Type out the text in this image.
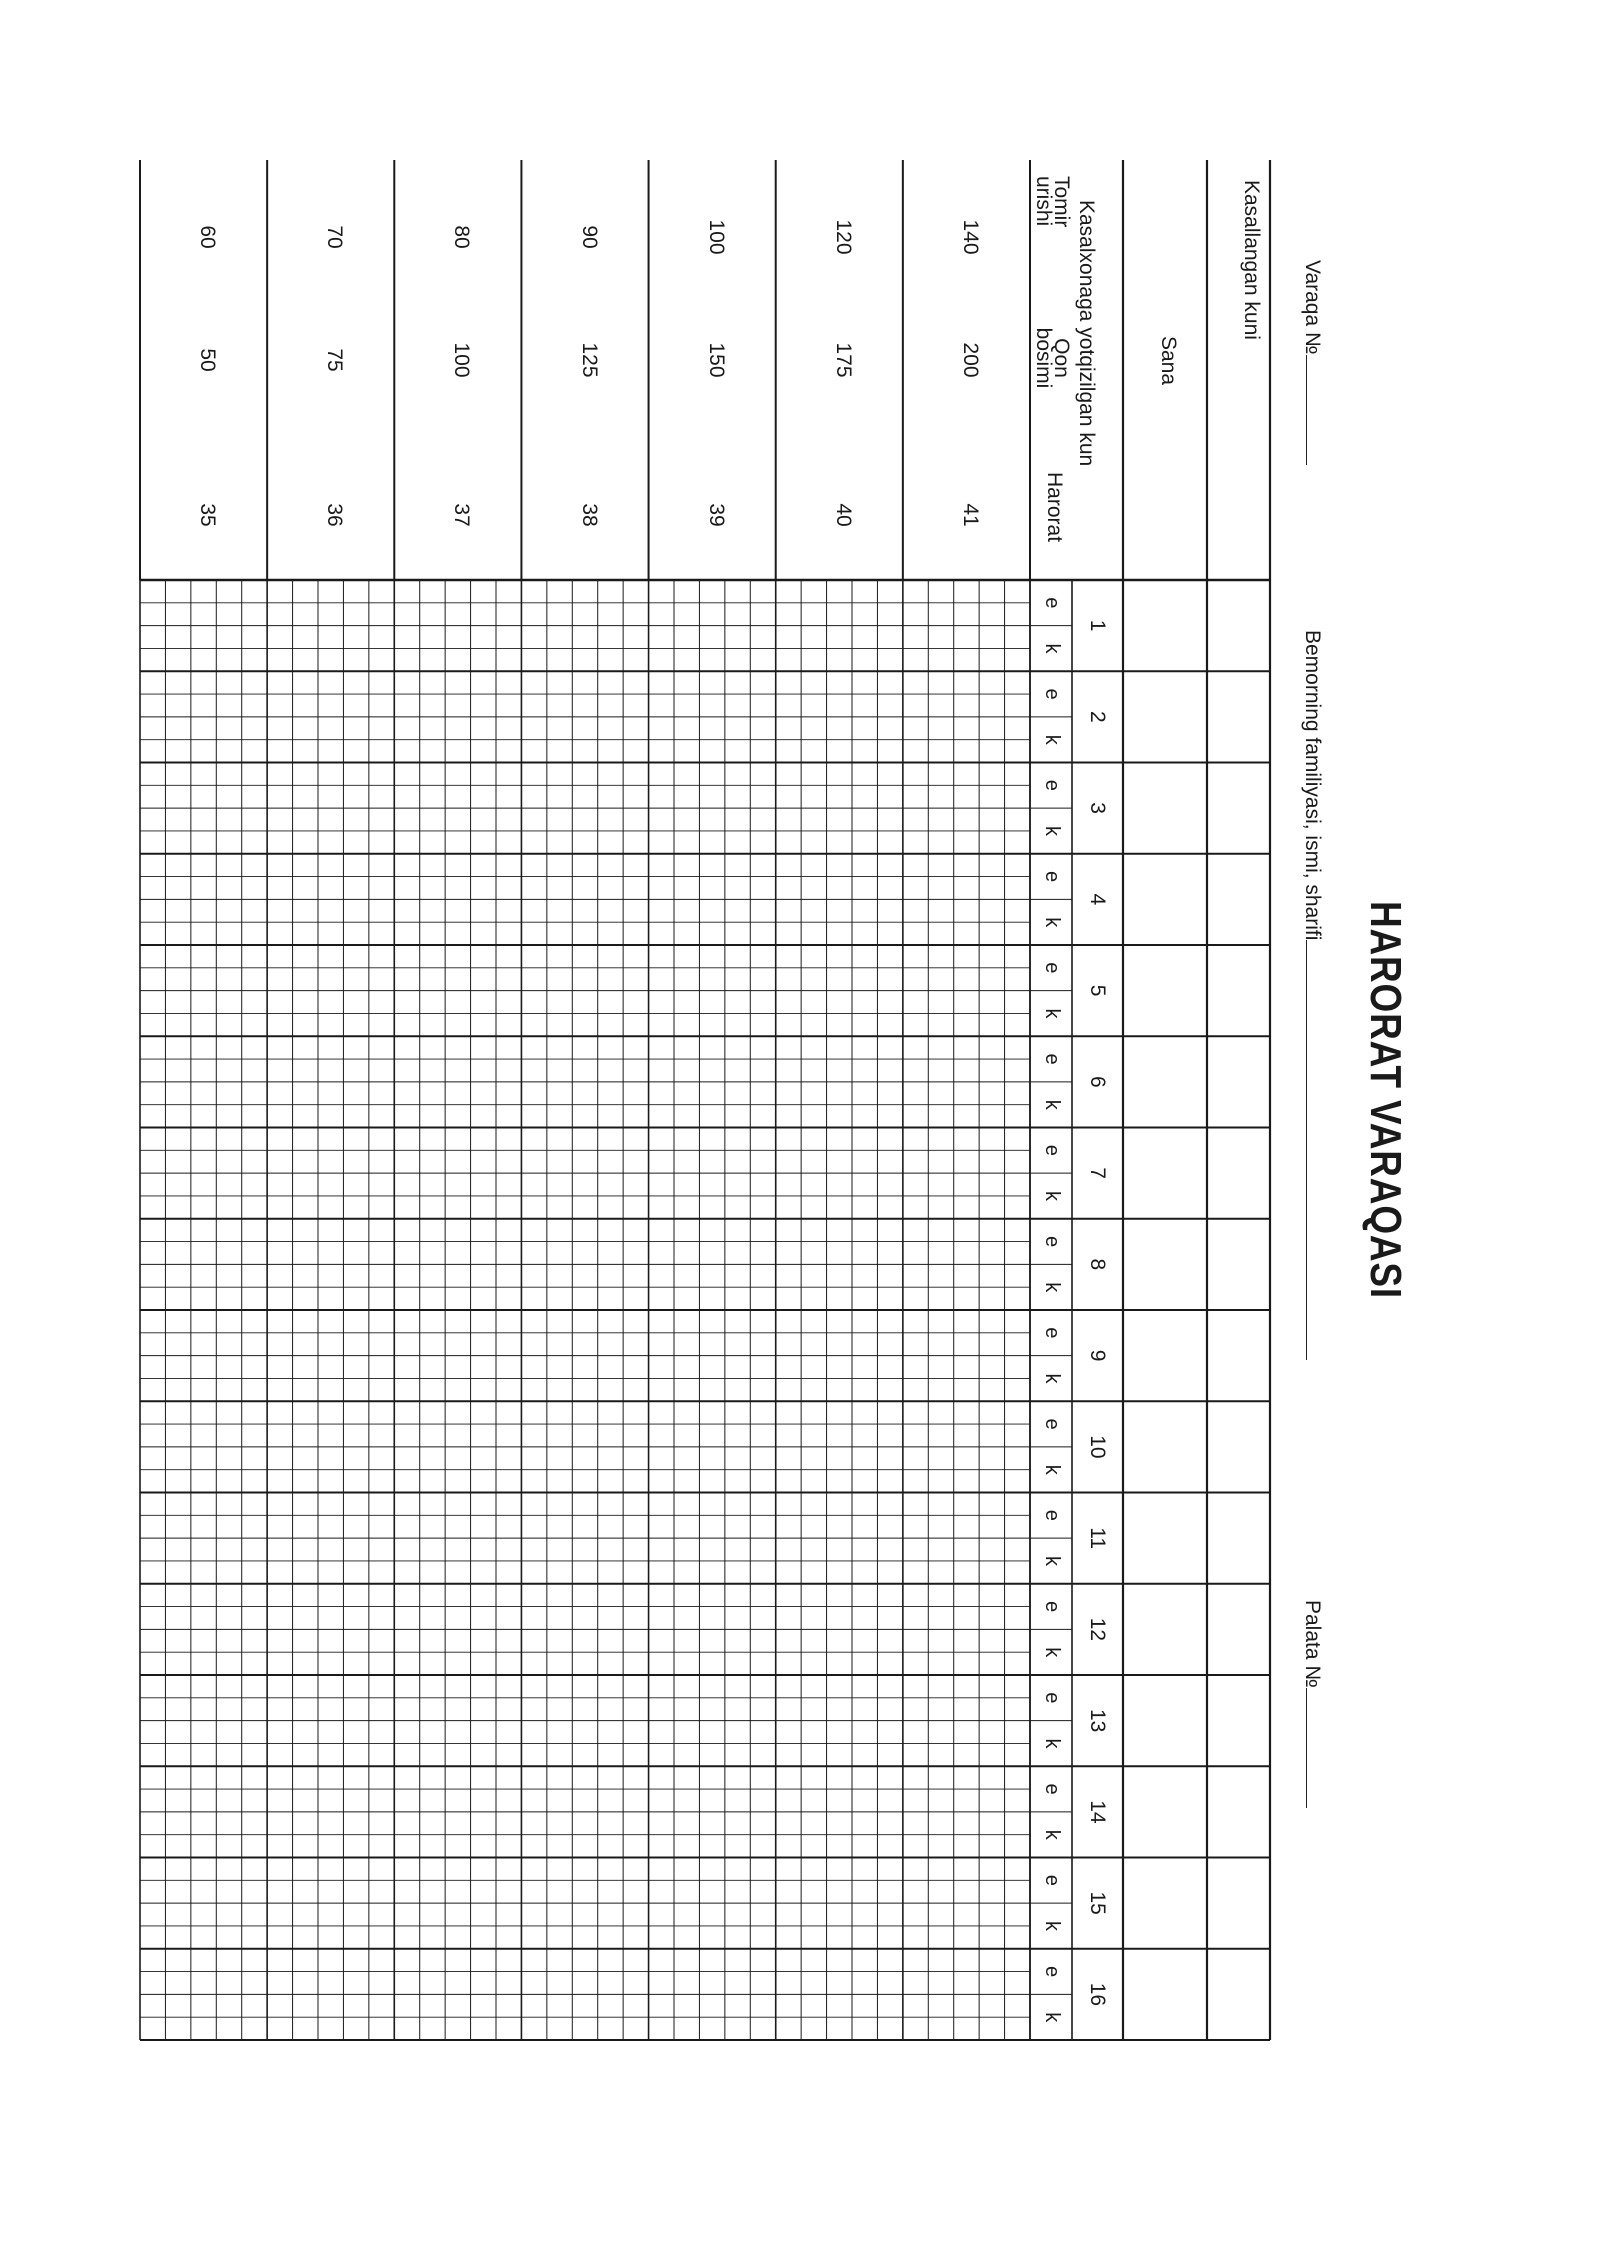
HARORAT VARAQASI
Varaqa №
Bemorning familiyasi, ismi, sharifi
Palata №
Kasallangan kuni
Sana
Kasalxonaga yotqizilgan kun
Tomir
urishi
Qon
bosimi
Harorat
1
2
3
4
5
6
7
8
9
10
11
12
13
14
15
16
e
k
e
k
e
k
e
k
e
k
e
k
e
k
e
k
e
k
e
k
e
k
e
k
e
k
e
k
e
k
e
k
140
200
41
120
175
40
100
150
39
90
125
38
80
100
37
70
75
36
60
50
35
